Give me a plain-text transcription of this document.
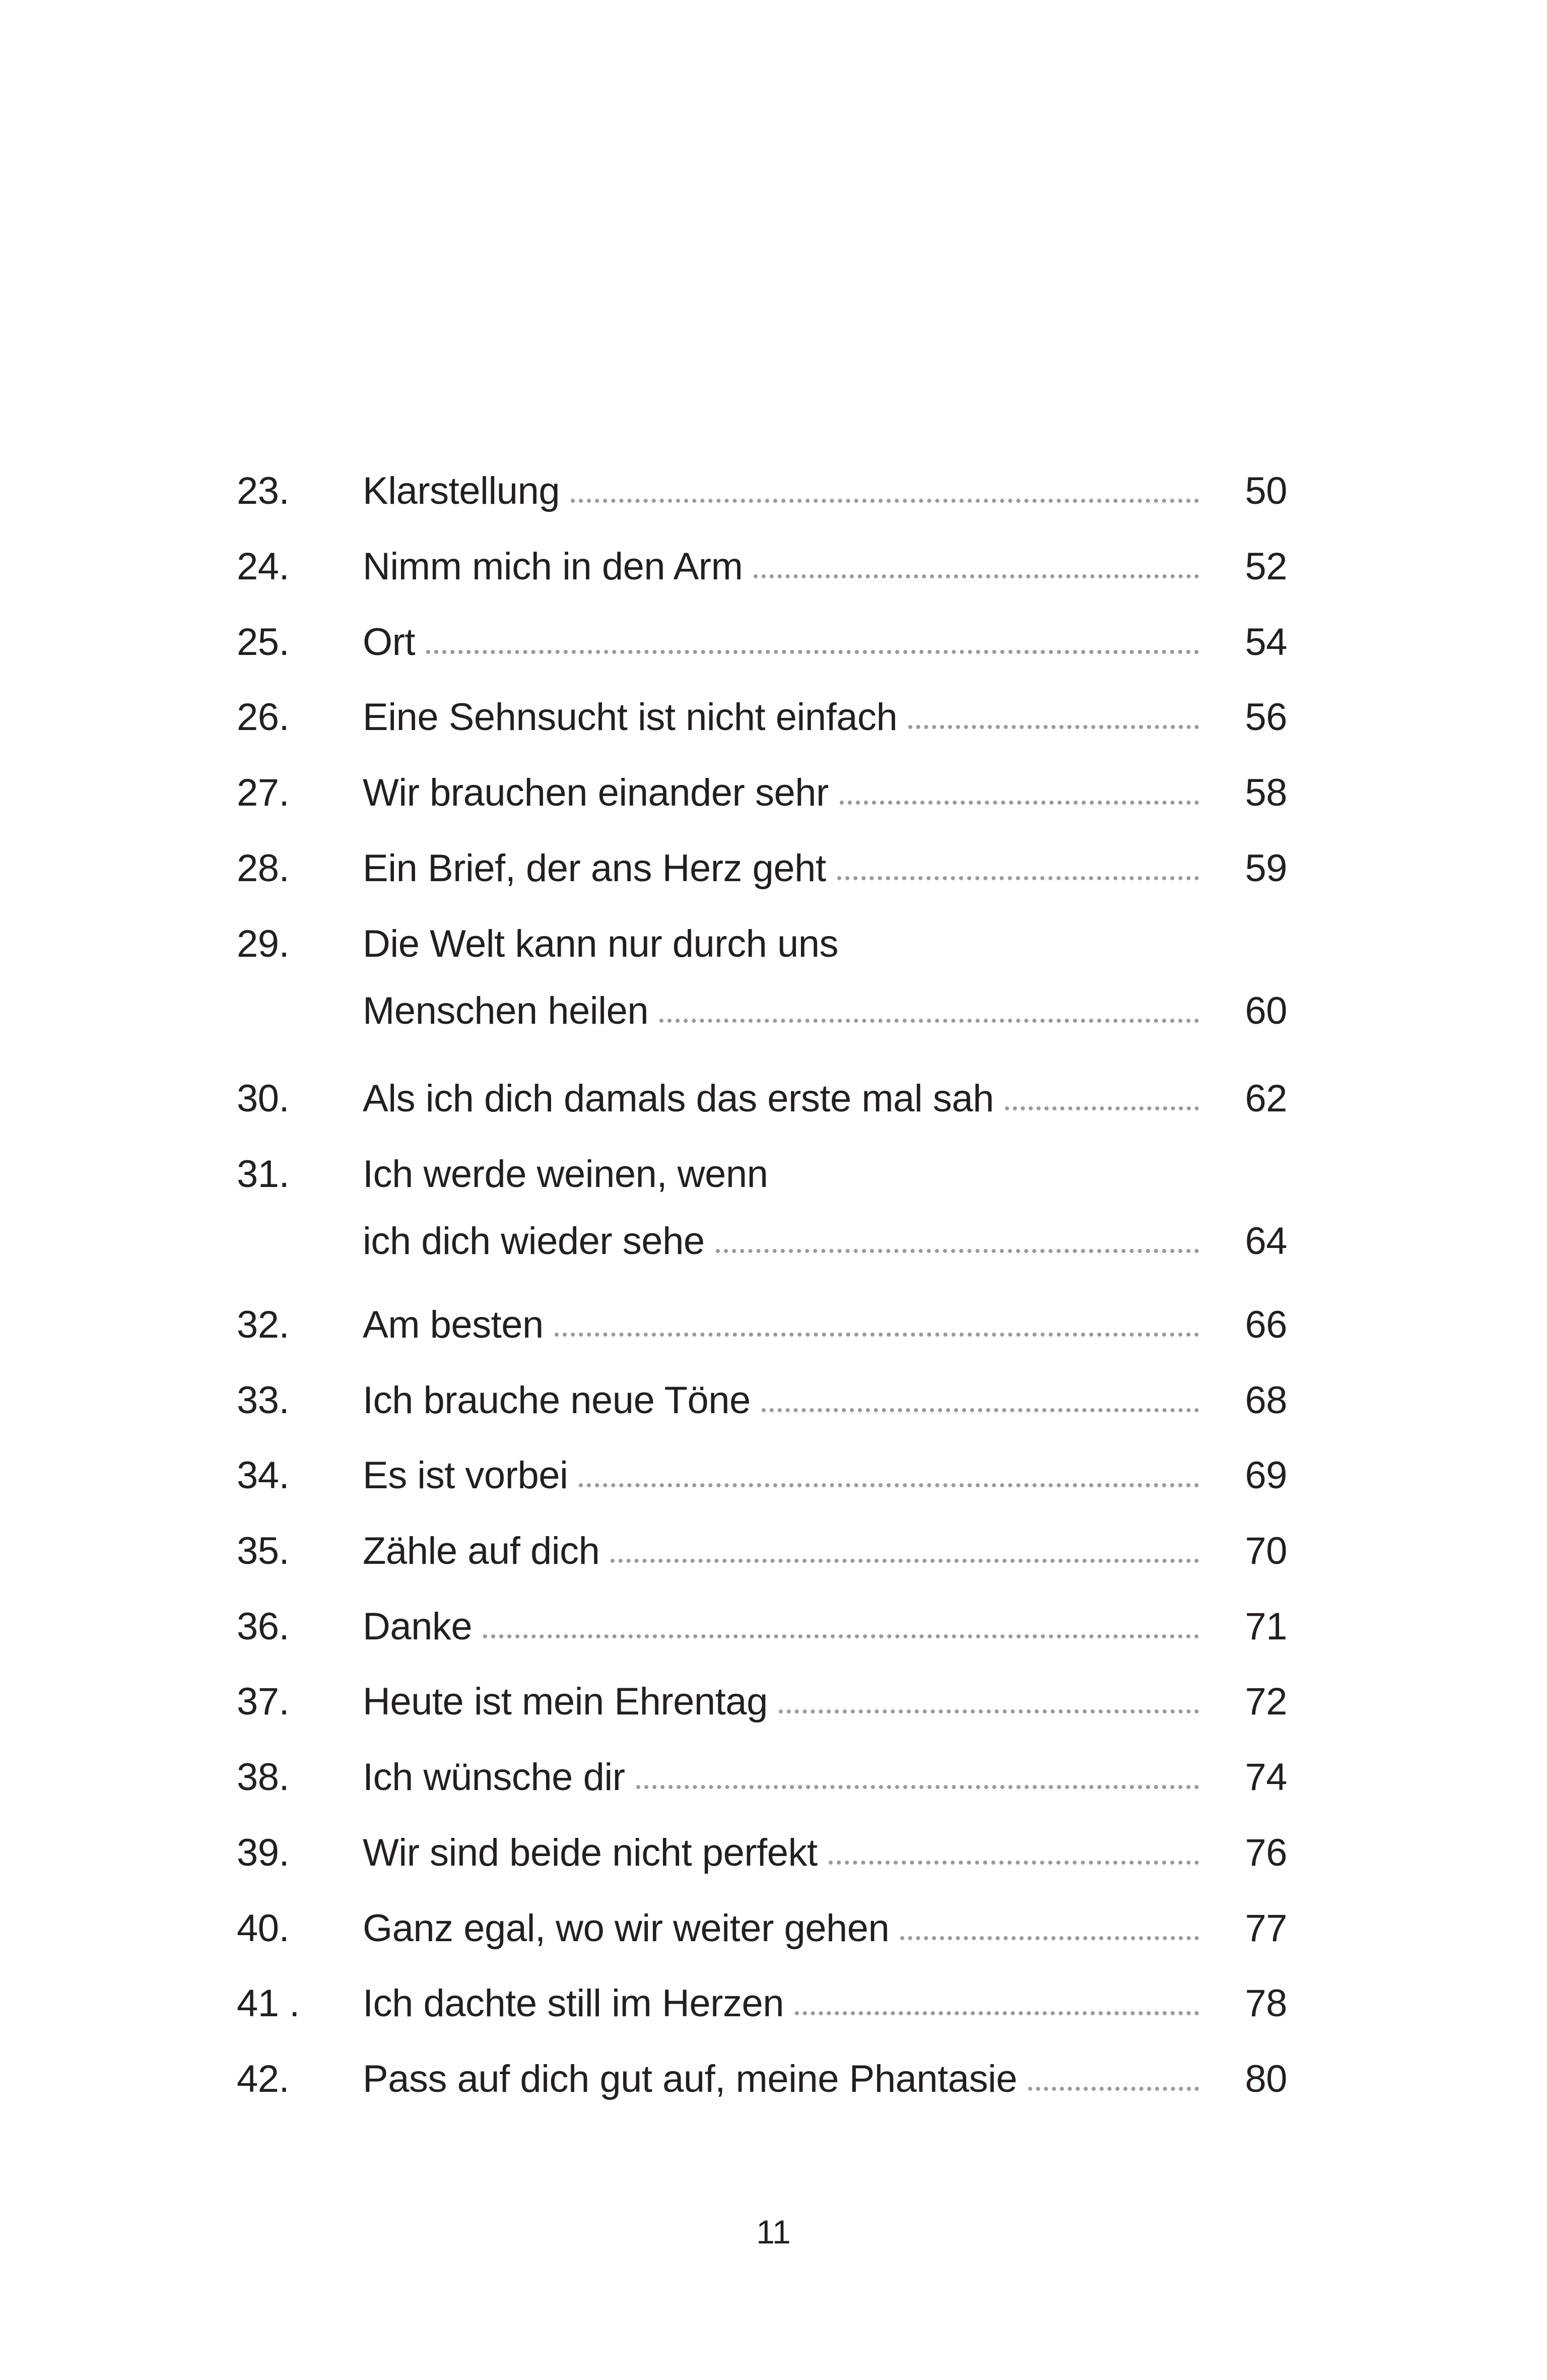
23. Klarstellung	50
24. Nimm mich in den Arm	52
25. Ort	54
26. Eine Sehnsucht ist nicht einfach	56
27. Wir brauchen einander sehr	58
28. Ein Brief, der ans Herz geht	59
29. Die Welt kann nur durch uns
Menschen heilen	60
30. Als ich dich damals das erste mal sah	62
31. Ich werde weinen, wenn
ich dich wieder sehe	64
32. Am besten	66
33. Ich brauche neue Töne	68
34. Es ist vorbei	69
35. Zähle auf dich	70
36. Danke	71
37. Heute ist mein Ehrentag	72
38. Ich wünsche dir	74
39. Wir sind beide nicht perfekt	76
40. Ganz egal, wo wir weiter gehen	77
41 . Ich dachte still im Herzen	78
42. Pass auf dich gut auf, meine Phantasie	80
11
